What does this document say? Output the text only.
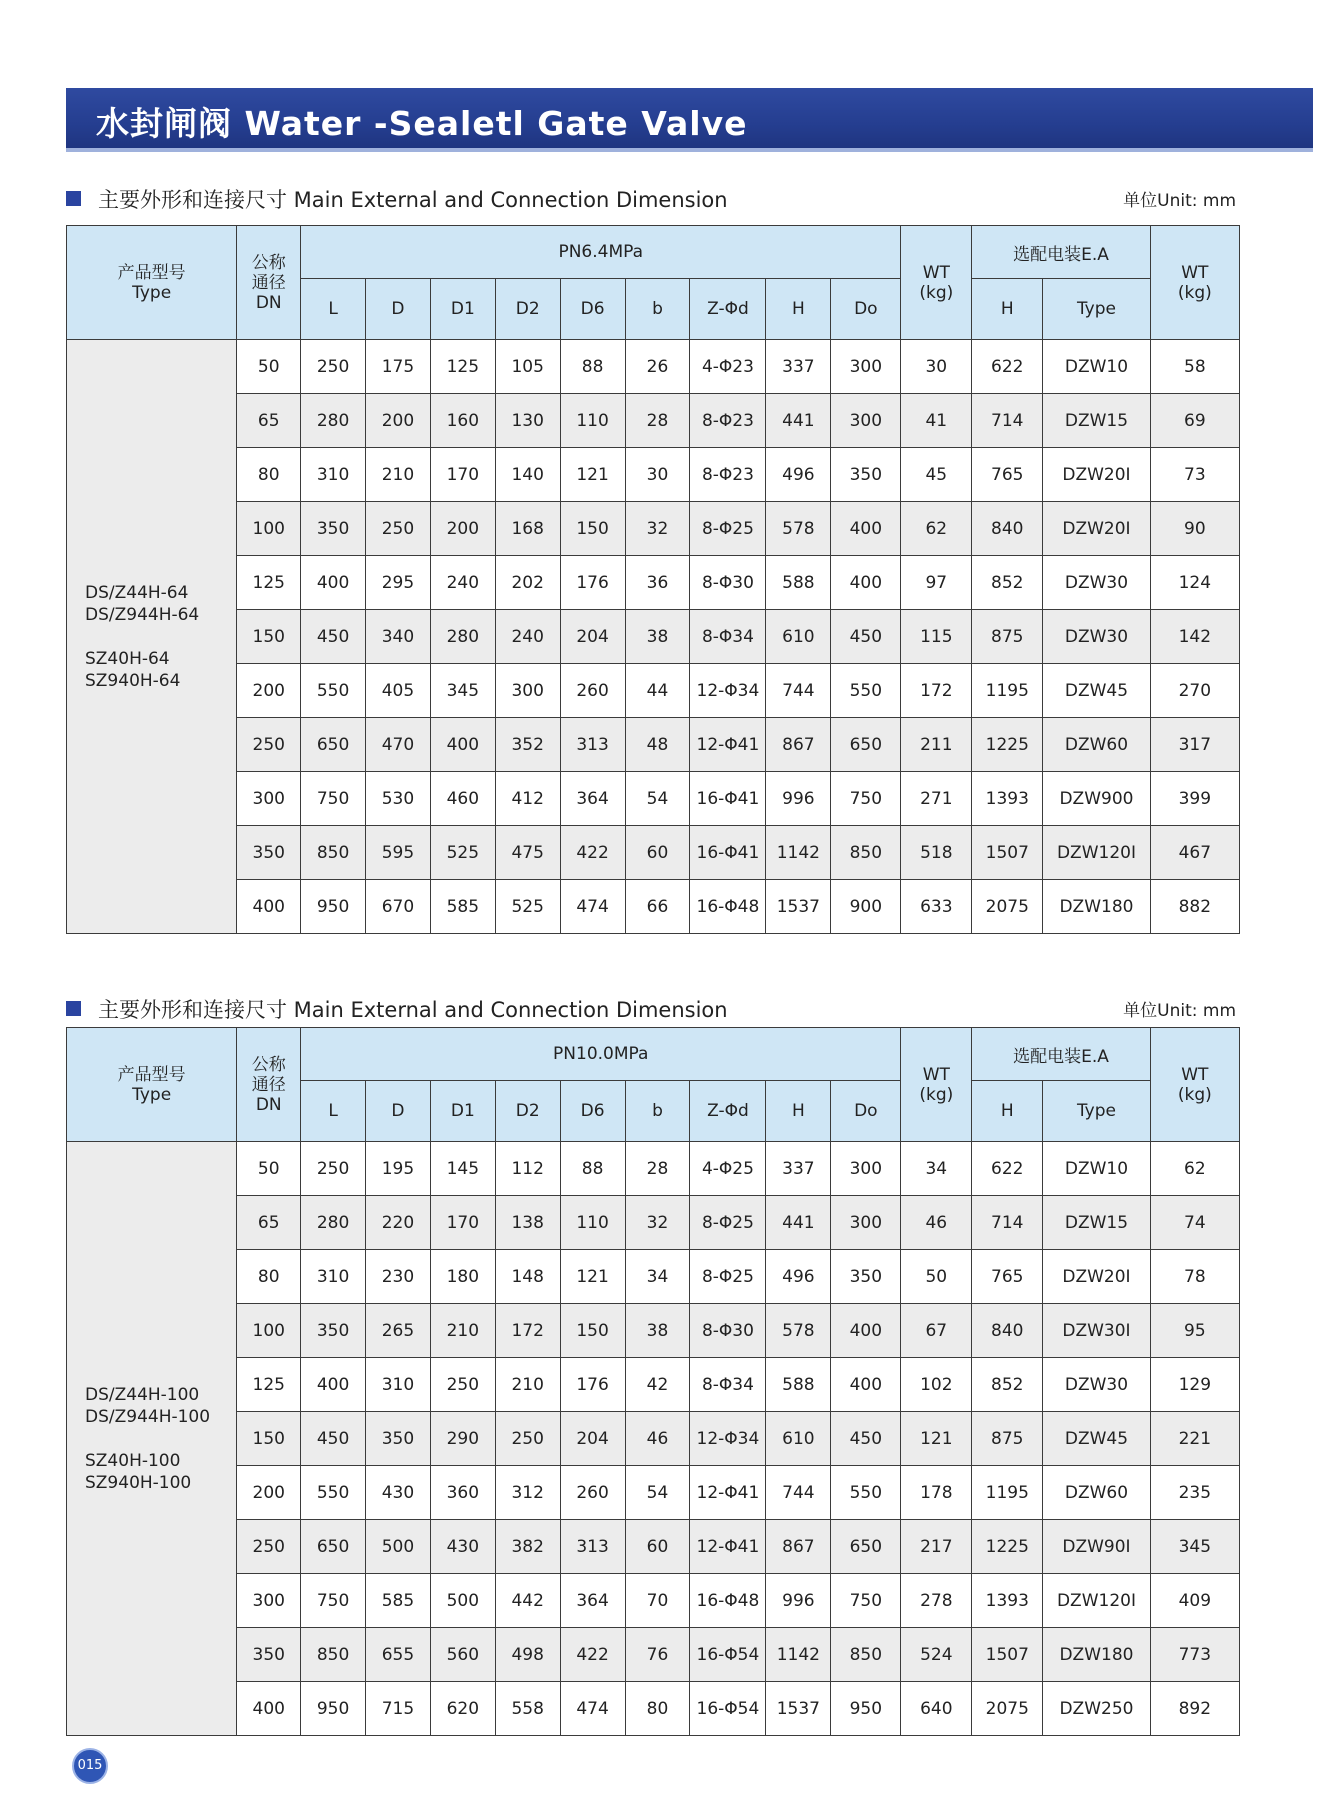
水封闸阀 Water -Sealetl Gate Valve
主要外形和连接尺寸 Main External and Connection Dimension	单位Unit: mm
产品型号
Type	公称
通径
DN	PN6.4MPa									WT
(kg)	选配电装E.A		WT
(kg)

		L	D	D1	D2	D6	b	Z-Φd	H	Do		H	Type	

DS/Z44H-64
DS/Z944H-64
SZ40H-64
SZ940H-64	50	250	175	125	105	88	26	4-Φ23	337	300	30	622	DZW10	58
	65	280	200	160	130	110	28	8-Φ23	441	300	41	714	DZW15	69
	80	310	210	170	140	121	30	8-Φ23	496	350	45	765	DZW20I	73
	100	350	250	200	168	150	32	8-Φ25	578	400	62	840	DZW20I	90
	125	400	295	240	202	176	36	8-Φ30	588	400	97	852	DZW30	124
	150	450	340	280	240	204	38	8-Φ34	610	450	115	875	DZW30	142
	200	550	405	345	300	260	44	12-Φ34	744	550	172	1195	DZW45	270
	250	650	470	400	352	313	48	12-Φ41	867	650	211	1225	DZW60	317
	300	750	530	460	412	364	54	16-Φ41	996	750	271	1393	DZW900	399
	350	850	595	525	475	422	60	16-Φ41	1142	850	518	1507	DZW120I	467
	400	950	670	585	525	474	66	16-Φ48	1537	900	633	2075	DZW180	882
主要外形和连接尺寸 Main External and Connection Dimension	单位Unit: mm
产品型号
Type	公称
通径
DN	PN10.0MPa									WT
(kg)	选配电装E.A		WT
(kg)

		L	D	D1	D2	D6	b	Z-Φd	H	Do		H	Type	

DS/Z44H-100
DS/Z944H-100
SZ40H-100
SZ940H-100	50	250	195	145	112	88	28	4-Φ25	337	300	34	622	DZW10	62
	65	280	220	170	138	110	32	8-Φ25	441	300	46	714	DZW15	74
	80	310	230	180	148	121	34	8-Φ25	496	350	50	765	DZW20I	78
	100	350	265	210	172	150	38	8-Φ30	578	400	67	840	DZW30I	95
	125	400	310	250	210	176	42	8-Φ34	588	400	102	852	DZW30	129
	150	450	350	290	250	204	46	12-Φ34	610	450	121	875	DZW45	221
	200	550	430	360	312	260	54	12-Φ41	744	550	178	1195	DZW60	235
	250	650	500	430	382	313	60	12-Φ41	867	650	217	1225	DZW90I	345
	300	750	585	500	442	364	70	16-Φ48	996	750	278	1393	DZW120I	409
	350	850	655	560	498	422	76	16-Φ54	1142	850	524	1507	DZW180	773
	400	950	715	620	558	474	80	16-Φ54	1537	950	640	2075	DZW250	892
015
